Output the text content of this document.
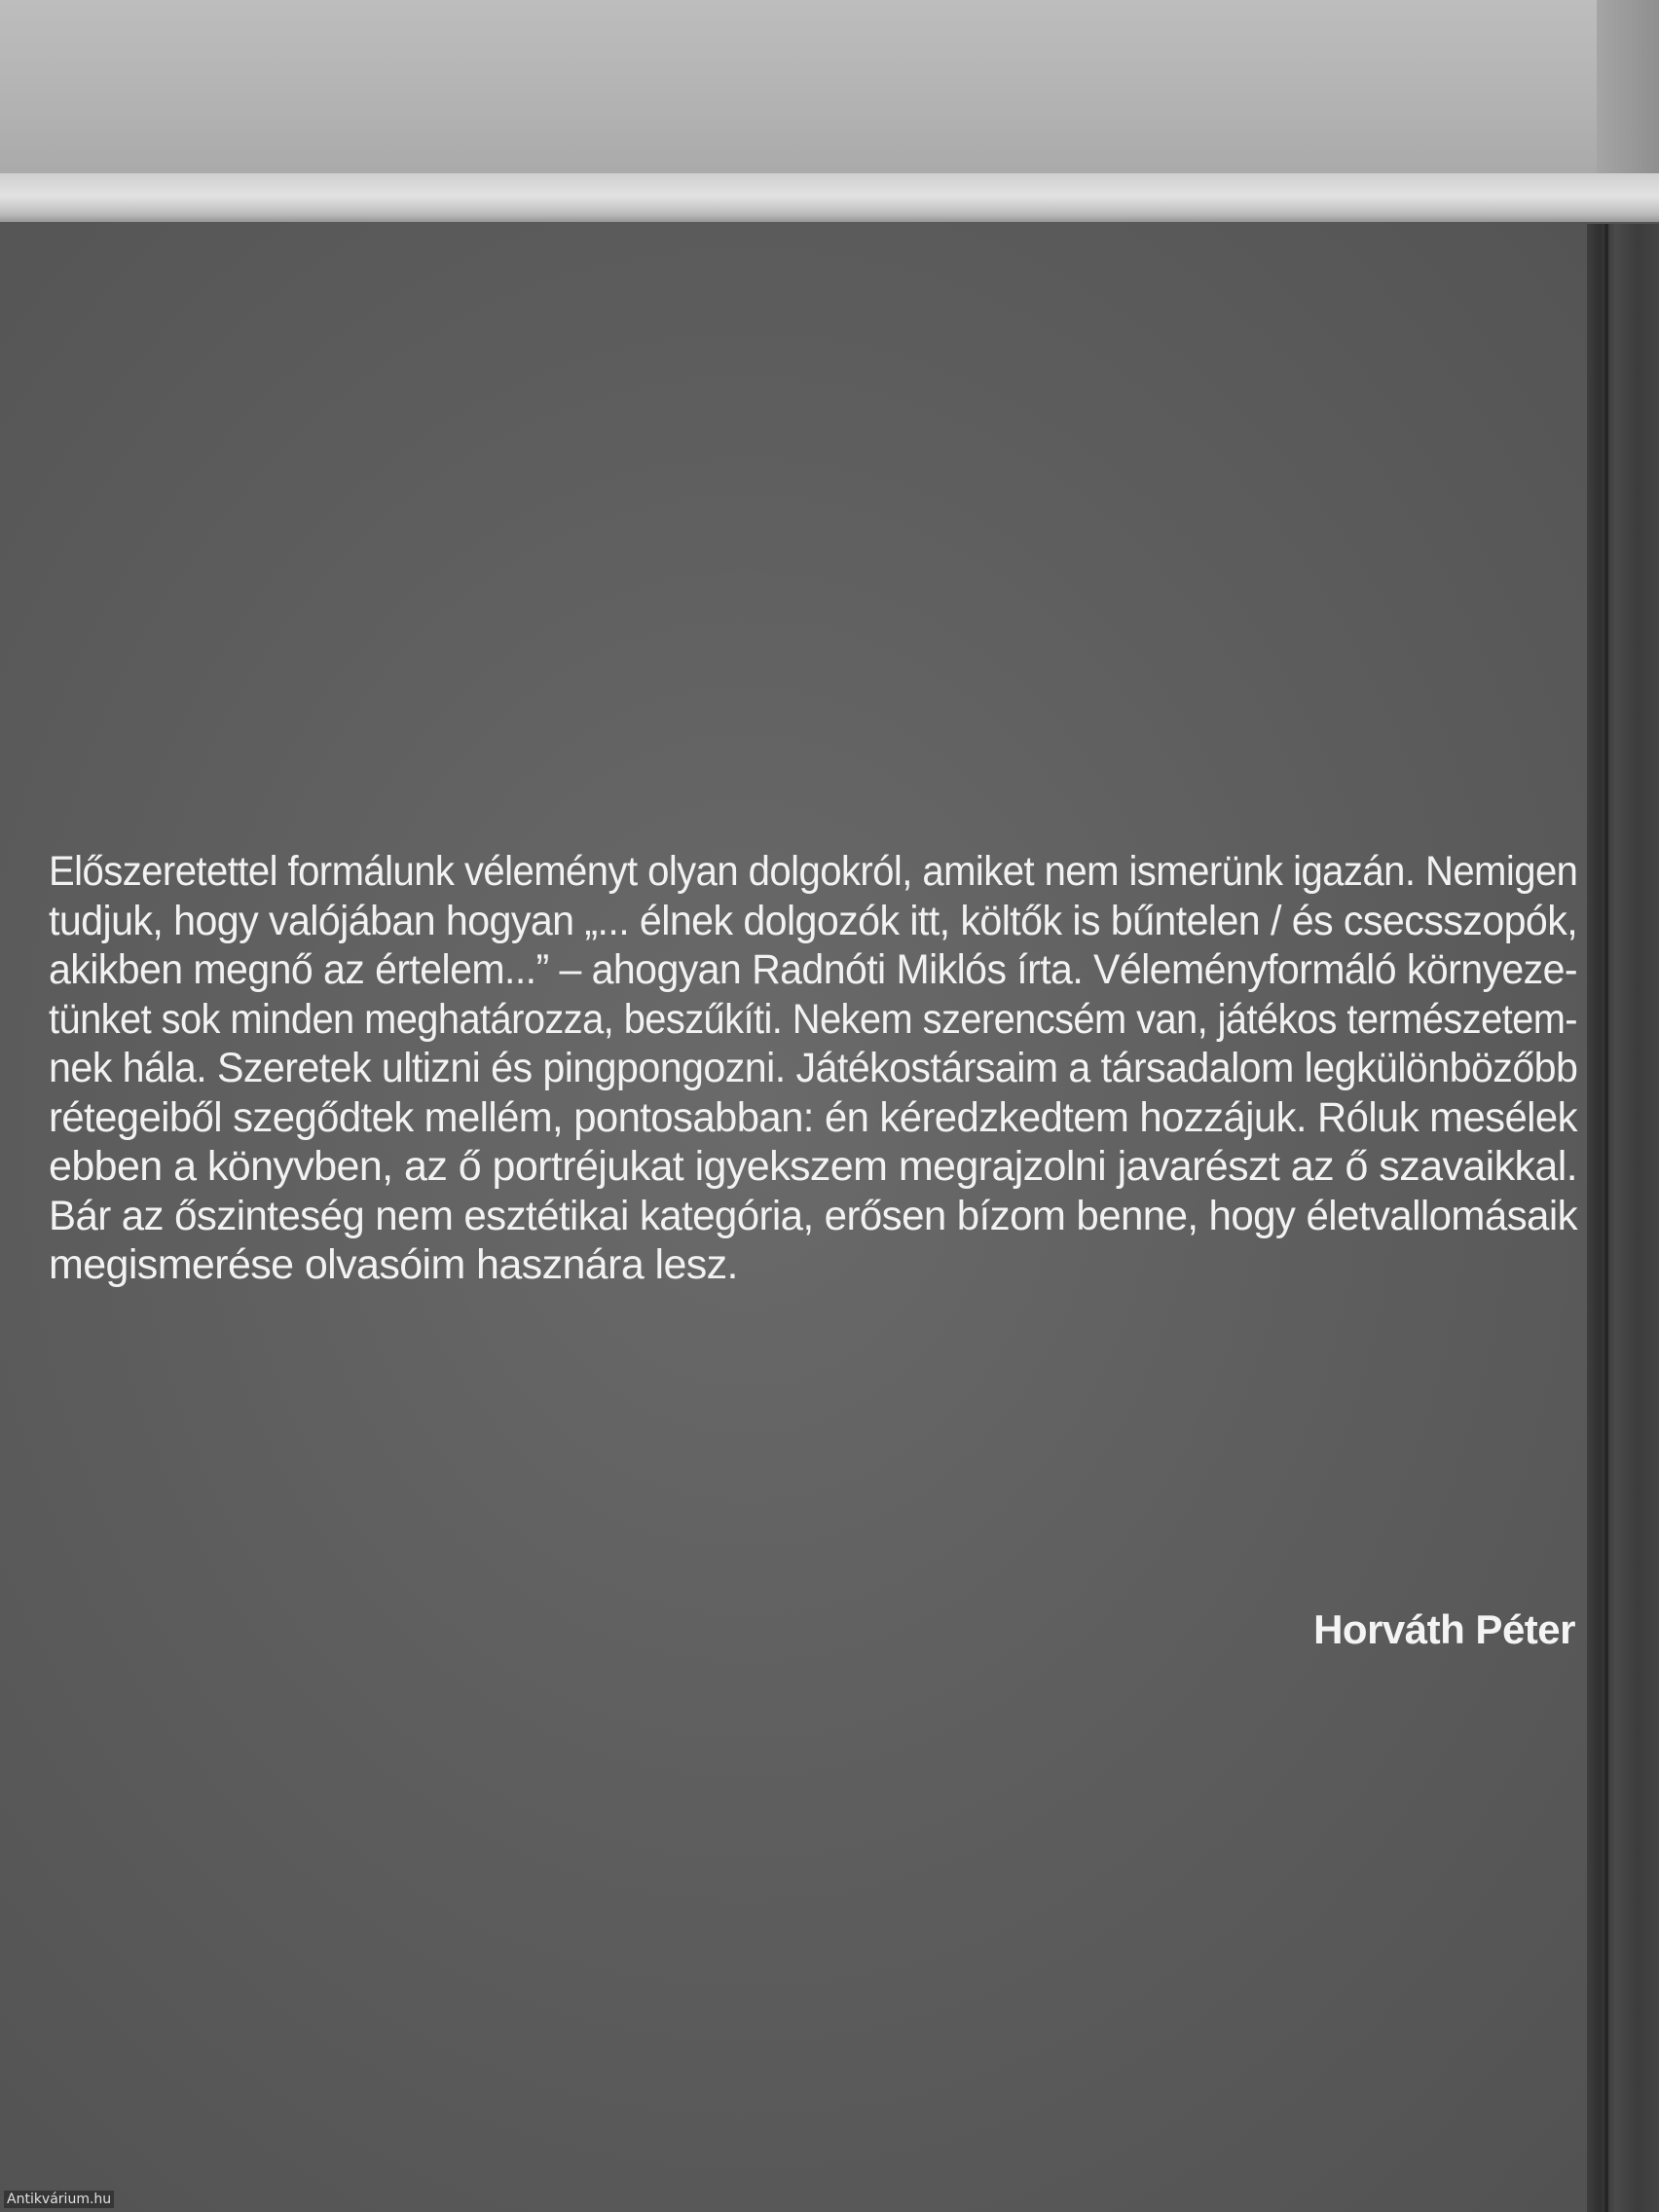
Előszeretettel formálunk véleményt olyan dolgokról, amiket nem ismerünk igazán. Nemigen
tudjuk, hogy valójában hogyan „... élnek dolgozók itt, költők is bűntelen / és csecsszopók,
akikben megnő az értelem...” – ahogyan Radnóti Miklós írta. Véleményformáló környeze-
tünket sok minden meghatározza, beszűkíti. Nekem szerencsém van, játékos természetem-
nek hála. Szeretek ultizni és pingpongozni. Játékostársaim a társadalom legkülönbözőbb
rétegeiből szegődtek mellém, pontosabban: én kéredzkedtem hozzájuk. Róluk mesélek
ebben a könyvben, az ő portréjukat igyekszem megrajzolni javarészt az ő szavaikkal.
Bár az őszinteség nem esztétikai kategória, erősen bízom benne, hogy életvallomásaik
megismerése olvasóim hasznára lesz.
Horváth Péter
Antikvárium.hu
